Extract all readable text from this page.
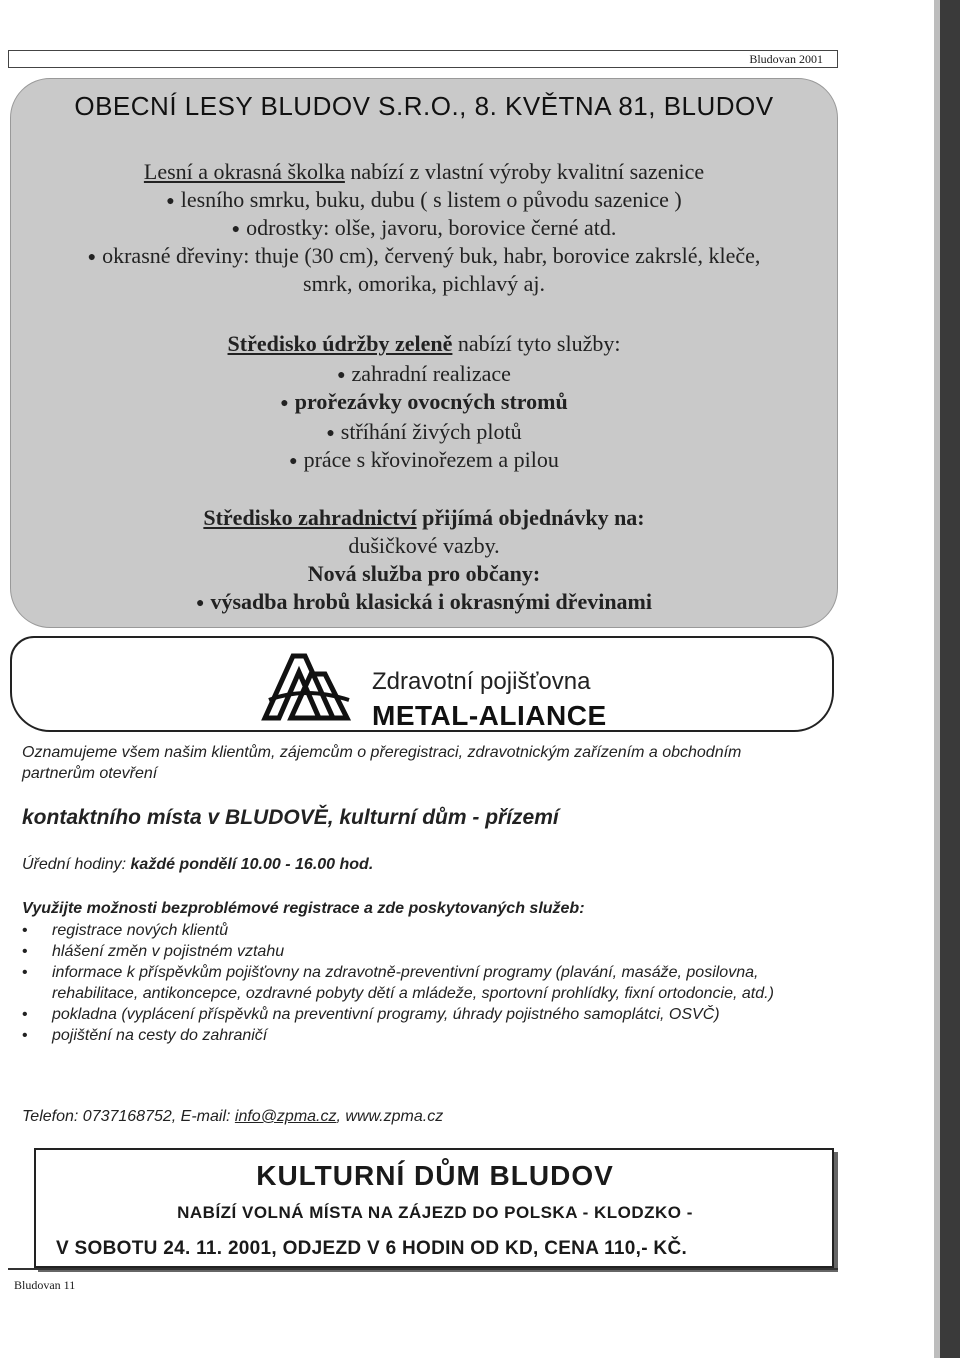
Bludovan 2001
OBECNÍ LESY BLUDOV S.R.O., 8. KVĚTNA 81, BLUDOV
Lesní a okrasná školka nabízí z vlastní výroby kvalitní sazenice
● lesního smrku, buku, dubu ( s listem o původu sazenice )
● odrostky: olše, javoru, borovice černé atd.
● okrasné dřeviny: thuje (30 cm), červený buk, habr, borovice zakrslé, kleče,
smrk, omorika, pichlavý aj.
Středisko údržby zeleně nabízí tyto služby:
● zahradní realizace
● prořezávky ovocných stromů
● stříhání živých plotů
● práce s křovinořezem a pilou
Středisko zahradnictví přijímá objednávky na:
dušičkové vazby.
Nová služba pro občany:
● výsadba hrobů klasická i okrasnými dřevinami
Zdravotní pojišťovna
METAL-ALIANCE
Oznamujeme všem našim klientům, zájemcům o přeregistraci, zdravotnickým zařízením a obchodním partnerům otevření
kontaktního místa v BLUDOVĚ, kulturní dům - přízemí
Úřední hodiny: každé pondělí 10.00 - 16.00 hod.
Využijte možnosti bezproblémové registrace a zde poskytovaných služeb:
• registrace nových klientů
• hlášení změn v pojistném vztahu
• informace k příspěvkům pojišťovny na zdravotně-preventivní programy (plavání, masáže, posilovna, rehabilitace, antikoncepce, ozdravné pobyty dětí a mládeže, sportovní prohlídky, fixní ortodoncie, atd.)
• pokladna (vyplácení příspěvků na preventivní programy, úhrady pojistného samoplátci, OSVČ)
• pojištění na cesty do zahraničí
Telefon: 0737168752, E-mail: info@zpma.cz, www.zpma.cz
KULTURNÍ DŮM BLUDOV
NABÍZÍ VOLNÁ MÍSTA NA ZÁJEZD DO POLSKA - KLODZKO -
V SOBOTU 24. 11. 2001, ODJEZD V 6 HODIN OD KD, CENA 110,- KČ.
Bludovan 11
